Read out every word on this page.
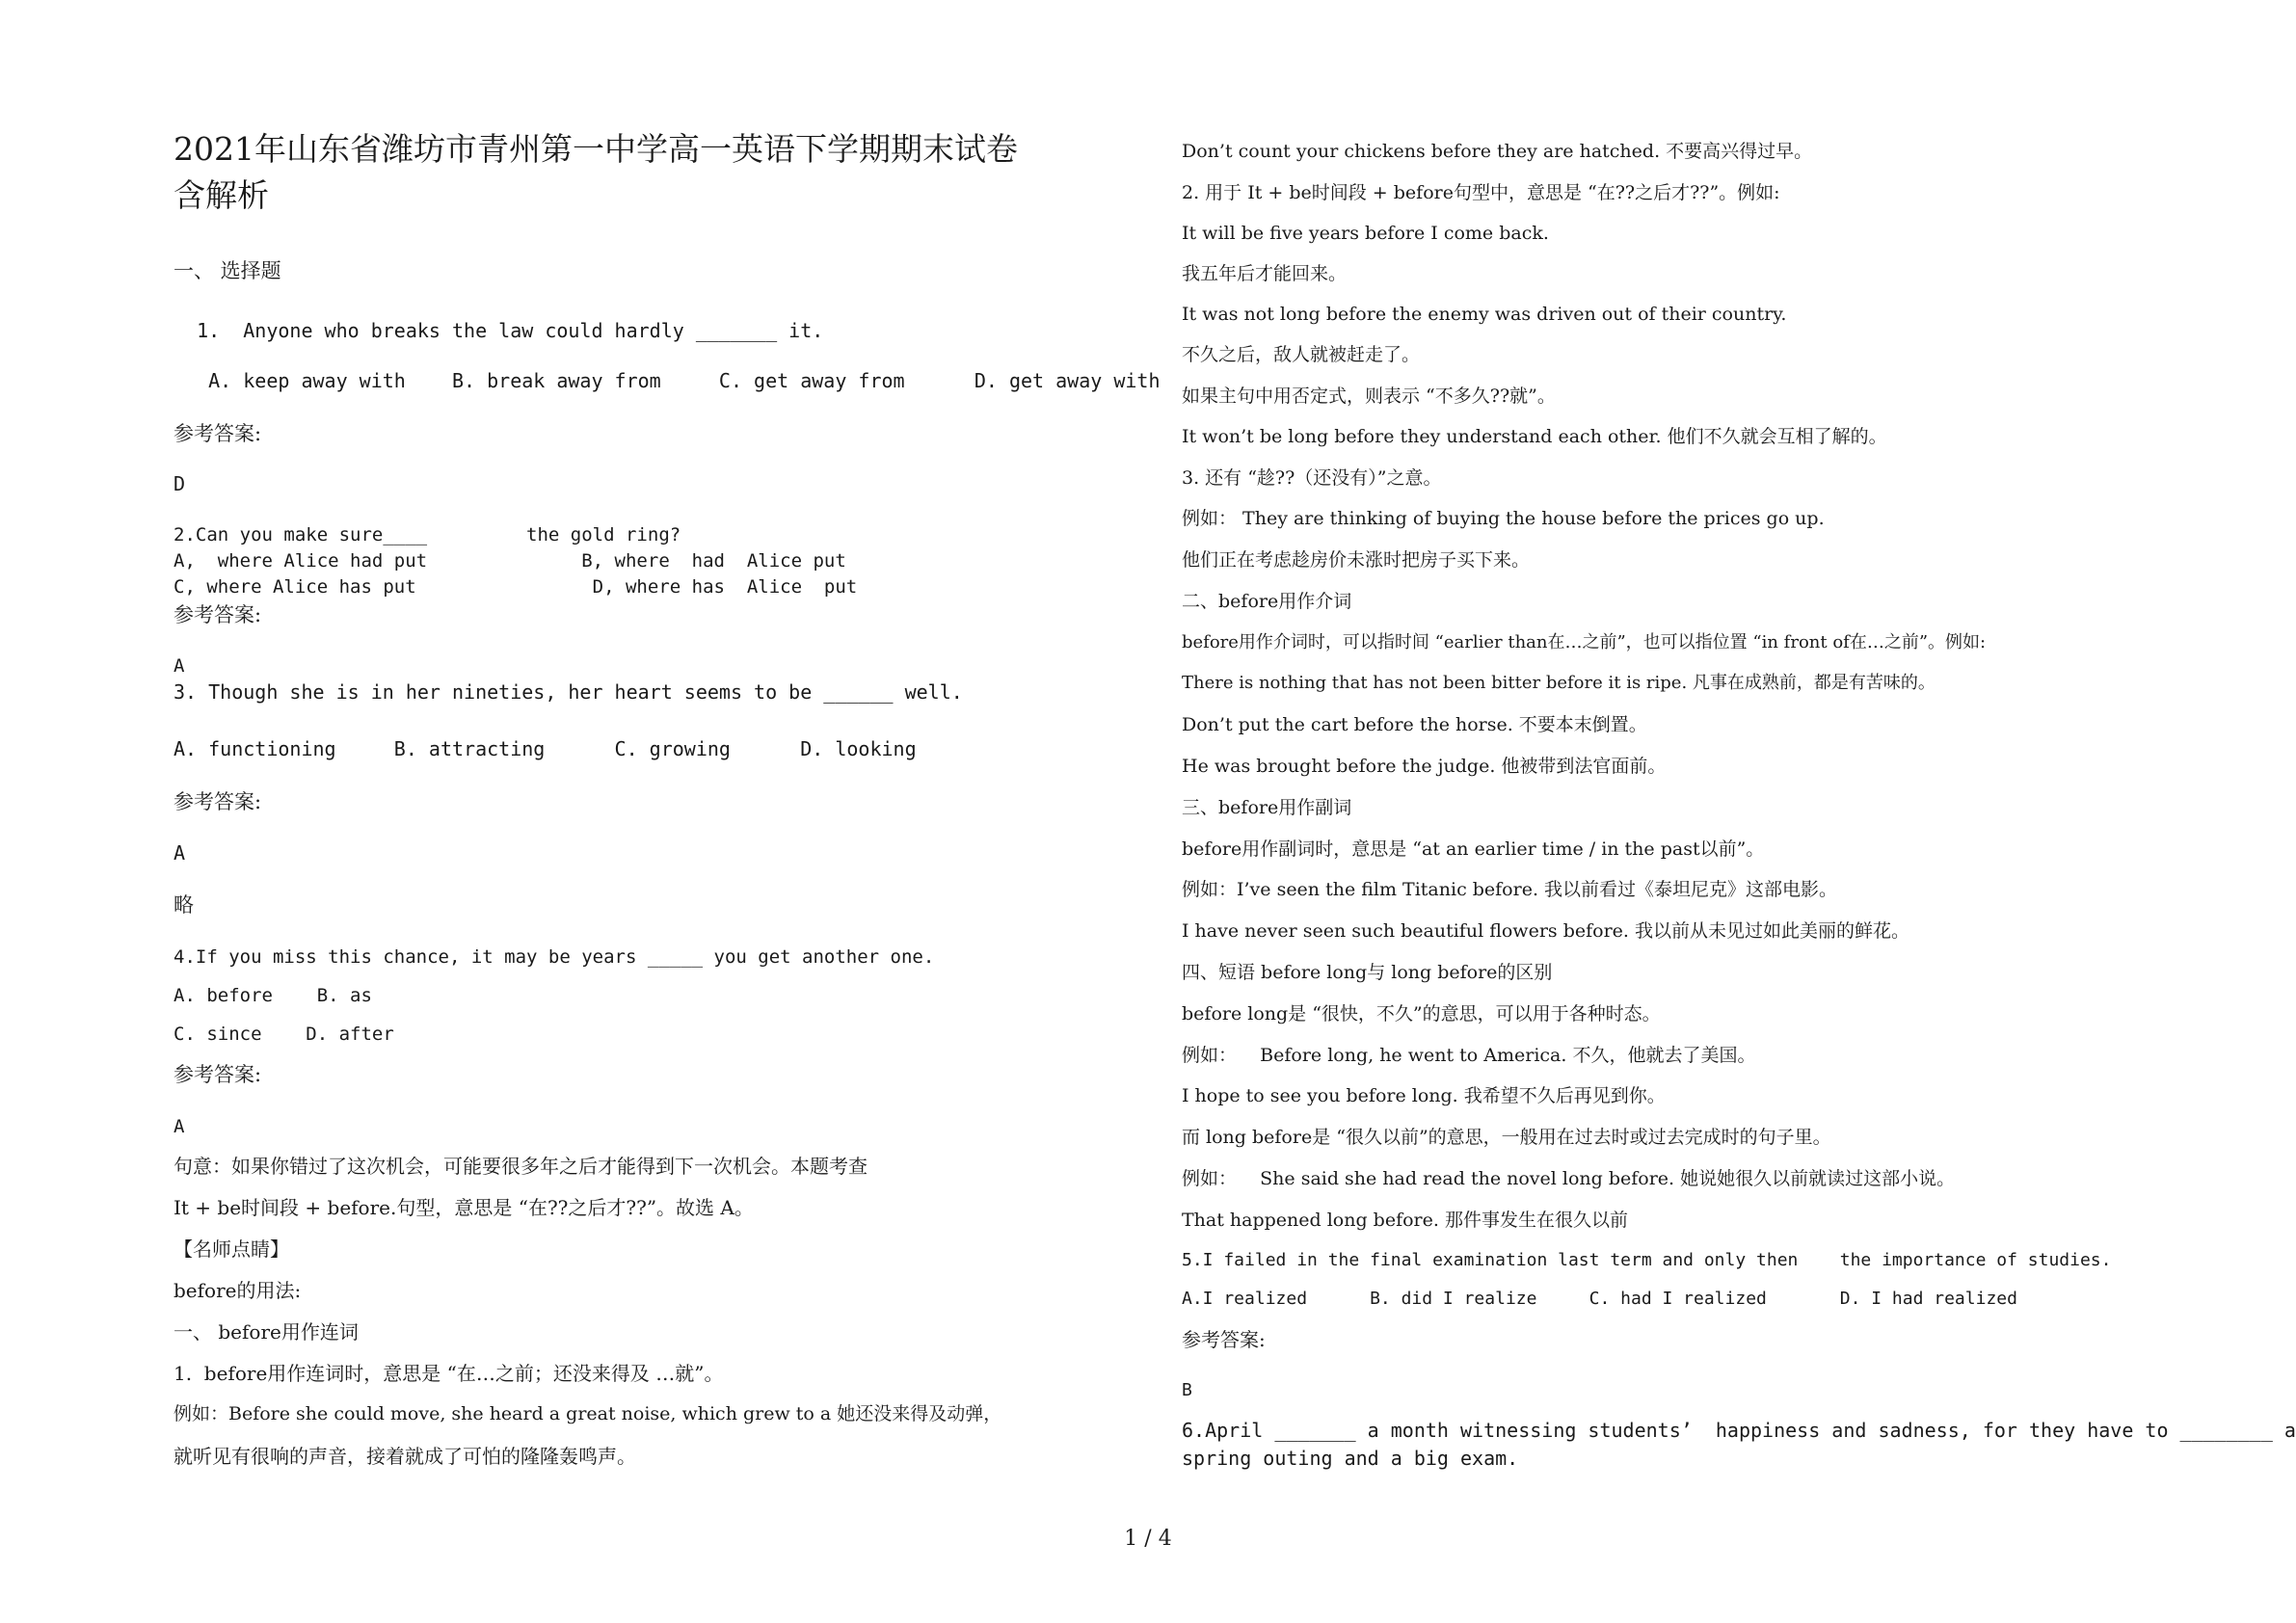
2021年山东省潍坊市青州第一中学高一英语下学期期末试卷
含解析
一、 选择题
1.  Anyone who breaks the law could hardly _______ it.
A. keep away with    B. break away from     C. get away from      D. get away with
参考答案:
D
2.Can you make sure____         the gold ring?
A,  where Alice had put              B, where  had  Alice put
C, where Alice has put                D, where has  Alice  put
参考答案:
A
3. Though she is in her nineties, her heart seems to be ______ well.
A. functioning     B. attracting      C. growing      D. looking
参考答案:
A
略
4.If you miss this chance, it may be years _____ you get another one.
A. before    B. as
C. since    D. after
参考答案:
A
句意：如果你错过了这次机会，可能要很多年之后才能得到下一次机会。本题考查
It + be时间段 + before.句型，意思是 “在??之后才??”。故选 A。
【名师点睛】
before的用法:
一、 before用作连词
1.  before用作连词时，意思是 “在…之前；还没来得及 …就”。
例如：Before she could move, she heard a great noise, which grew to a 她还没来得及动弹，
就听见有很响的声音，接着就成了可怕的隆隆轰鸣声。
Don’t count your chickens before they are hatched. 不要高兴得过早。
2. 用于 It + be时间段 + before句型中，意思是 “在??之后才??”。例如:
It will be five years before I come back.
我五年后才能回来。
It was not long before the enemy was driven out of their country.
不久之后，敌人就被赶走了。
如果主句中用否定式，则表示 “不多久??就”。
It won’t be long before they understand each other. 他们不久就会互相了解的。
3. 还有 “趁??（还没有）”之意。
例如： They are thinking of buying the house before the prices go up.
他们正在考虑趁房价未涨时把房子买下来。
二、before用作介词
before用作介词时，可以指时间 “earlier than在…之前”，也可以指位置 “in front of在…之前”。例如:
There is nothing that has not been bitter before it is ripe. 凡事在成熟前，都是有苦味的。
Don’t put the cart before the horse. 不要本末倒置。
He was brought before the judge. 他被带到法官面前。
三、before用作副词
before用作副词时，意思是 “at an earlier time / in the past以前”。
例如：I’ve seen the film Titanic before. 我以前看过《泰坦尼克》这部电影。
I have never seen such beautiful flowers before. 我以前从未见过如此美丽的鲜花。
四、短语 before long与 long before的区别
before long是 “很快，不久”的意思，可以用于各种时态。
例如：    Before long, he went to America. 不久，他就去了美国。
I hope to see you before long. 我希望不久后再见到你。
而 long before是 “很久以前”的意思，一般用在过去时或过去完成时的句子里。
例如：    She said she had read the novel long before. 她说她很久以前就读过这部小说。
That happened long before. 那件事发生在很久以前
5.I failed in the final examination last term and only then    the importance of studies.
A.I realized      B. did I realize     C. had I realized       D. I had realized
参考答案:
B
6.April _______ a month witnessing students’  happiness and sadness, for they have to ________ a
spring outing and a big exam.
1 / 4
